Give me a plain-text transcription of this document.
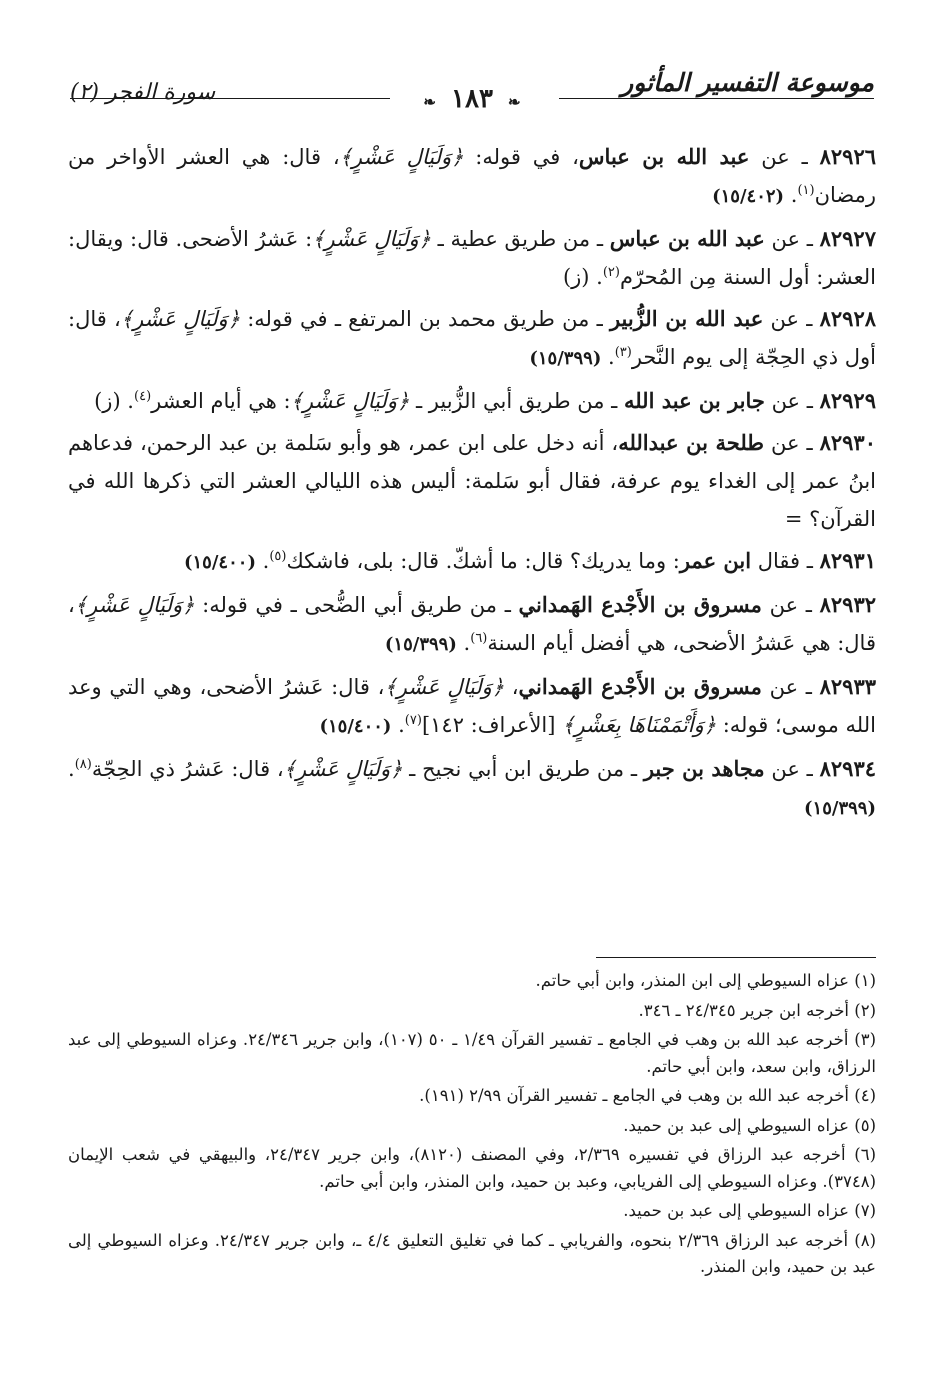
موسوعة التفسير المأثور
❧ ١٨٣ ❧
سورة الفجر (٢)

٨٢٩٢٦ ـ عن عبد الله بن عباس، في قوله: ﴿وَلَيَالٍ عَشْرٍ﴾، قال: هي العشر الأواخر من رمضان$^{(١)}$. (١٥/٤٠٢)

٨٢٩٢٧ ـ عن عبد الله بن عباس ـ من طريق عطية ـ ﴿وَلَيَالٍ عَشْرٍ﴾: عَشرُ الأضحى. قال: ويقال: العشر: أول السنة مِن المُحرّم$^{(٢)}$. (ز)

٨٢٩٢٨ ـ عن عبد الله بن الزُّبير ـ من طريق محمد بن المرتفع ـ في قوله: ﴿وَلَيَالٍ عَشْرٍ﴾، قال: أول ذي الحِجّة إلى يوم النَّحر$^{(٣)}$. (١٥/٣٩٩)

٨٢٩٢٩ ـ عن جابر بن عبد الله ـ من طريق أبي الزُّبير ـ ﴿وَلَيَالٍ عَشْرٍ﴾: هي أيام العشر$^{(٤)}$. (ز)

٨٢٩٣٠ ـ عن طلحة بن عبدالله، أنه دخل على ابن عمر، هو وأبو سَلمة بن عبد الرحمن، فدعاهم ابنُ عمر إلى الغداء يوم عرفة، فقال أبو سَلمة: أليس هذه الليالي العشر التي ذكرها الله في القرآن؟ =

٨٢٩٣١ ـ فقال ابن عمر: وما يدريك؟ قال: ما أشكّ. قال: بلى، فاشكك$^{(٥)}$. (١٥/٤٠٠)

٨٢٩٣٢ ـ عن مسروق بن الأَجْدع الهَمداني ـ من طريق أبي الضُّحى ـ في قوله: ﴿وَلَيَالٍ عَشْرٍ﴾، قال: هي عَشرُ الأضحى، هي أفضل أيام السنة$^{(٦)}$. (١٥/٣٩٩)

٨٢٩٣٣ ـ عن مسروق بن الأَجْدع الهَمداني، ﴿وَلَيَالٍ عَشْرٍ﴾، قال: عَشرُ الأضحى، وهي التي وعد الله موسى؛ قوله: ﴿وَأَتْمَمْنَاهَا بِعَشْرٍ﴾ [الأعراف: ١٤٢]$^{(٧)}$. (١٥/٤٠٠)

٨٢٩٣٤ ـ عن مجاهد بن جبر ـ من طريق ابن أبي نجيح ـ ﴿وَلَيَالٍ عَشْرٍ﴾، قال: عَشرُ ذي الحِجّة$^{(٨)}$. (١٥/٣٩٩)

(١) عزاه السيوطي إلى ابن المنذر، وابن أبي حاتم.

(٢) أخرجه ابن جرير ٢٤/٣٤٥ ـ ٣٤٦.

(٣) أخرجه عبد الله بن وهب في الجامع ـ تفسير القرآن ١/٤٩ ـ ٥٠ (١٠٧)، وابن جرير ٢٤/٣٤٦. وعزاه السيوطي إلى عبد الرزاق، وابن سعد، وابن أبي حاتم.

(٤) أخرجه عبد الله بن وهب في الجامع ـ تفسير القرآن ٢/٩٩ (١٩١).

(٥) عزاه السيوطي إلى عبد بن حميد.

(٦) أخرجه عبد الرزاق في تفسيره ٢/٣٦٩، وفي المصنف (٨١٢٠)، وابن جرير ٢٤/٣٤٧، والبيهقي في شعب الإيمان (٣٧٤٨). وعزاه السيوطي إلى الفريابي، وعبد بن حميد، وابن المنذر، وابن أبي حاتم.

(٧) عزاه السيوطي إلى عبد بن حميد.

(٨) أخرجه عبد الرزاق ٢/٣٦٩ بنحوه، والفريابي ـ كما في تغليق التعليق ٤/٤ ـ، وابن جرير ٢٤/٣٤٧. وعزاه السيوطي إلى عبد بن حميد، وابن المنذر.
